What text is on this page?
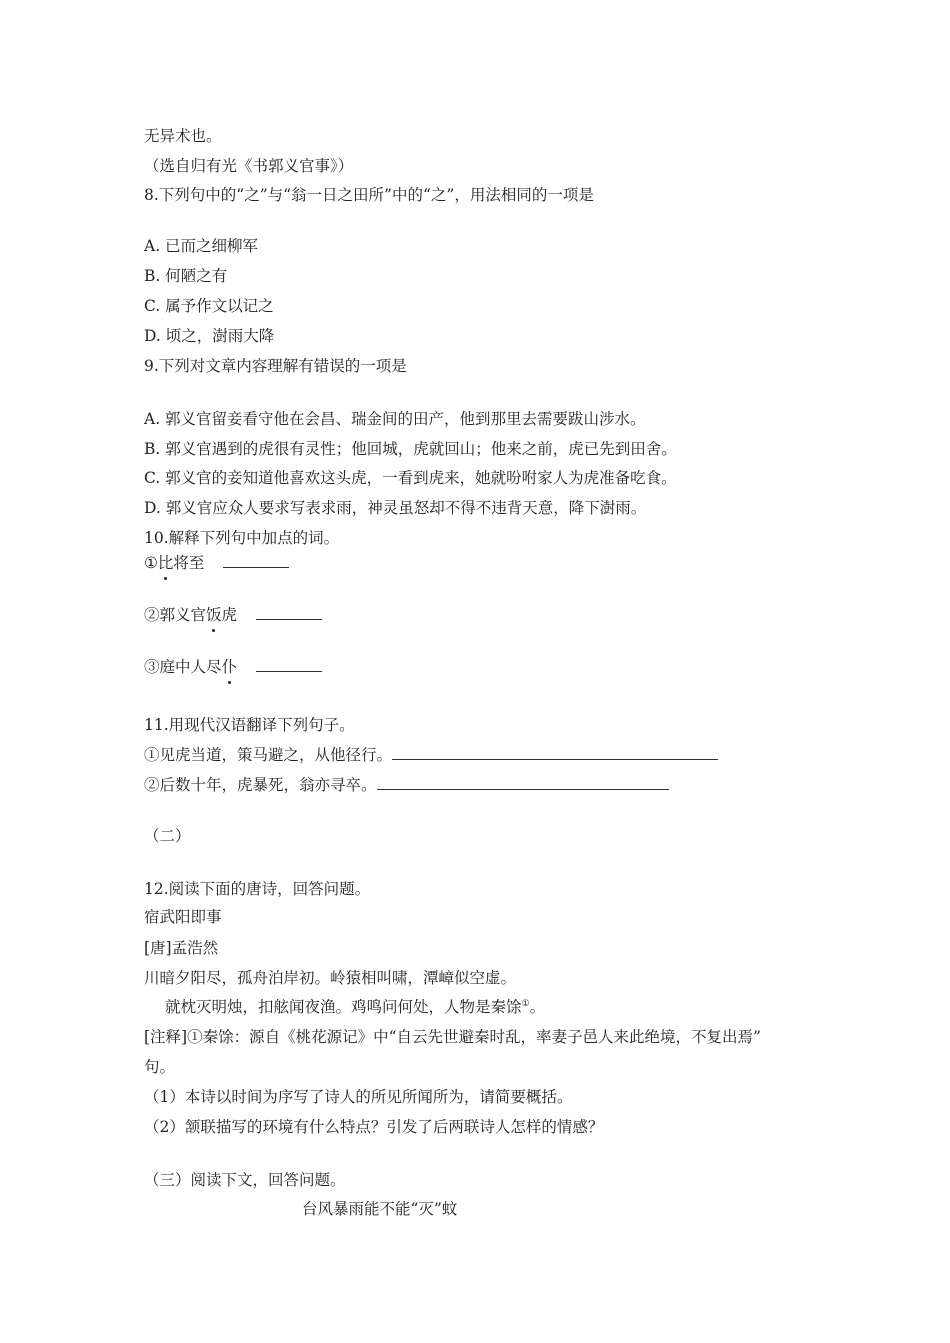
无异术也。
（选自归有光《书郭义官事》）
8.下列句中的“之”与“翁一日之田所”中的“之”，用法相同的一项是
A. 已而之细柳军
B. 何陋之有
C. 属予作文以记之
D. 顷之，澍雨大降
9.下列对文章内容理解有错误的一项是
A. 郭义官留妾看守他在会昌、瑞金间的田产，他到那里去需要跋山涉水。
B. 郭义官遇到的虎很有灵性；他回城，虎就回山；他来之前，虎已先到田舍。
C. 郭义官的妾知道他喜欢这头虎，一看到虎来，她就吩咐家人为虎准备吃食。
D. 郭义官应众人要求写表求雨，神灵虽怒却不得不违背天意，降下澍雨。
10.解释下列句中加点的词。
①比将至
②郭义官饭虎
③庭中人尽仆
11.用现代汉语翻译下列句子。
①见虎当道，策马避之，从他径行。
②后数十年，虎暴死，翁亦寻卒。
（二）
12.阅读下面的唐诗，回答问题。
宿武阳即事
[唐]孟浩然
川暗夕阳尽，孤舟泊岸初。岭猿相叫啸，潭嶂似空虚。
就枕灭明烛，扣舷闻夜渔。鸡鸣问何处，人物是秦馀①。
[注释]①秦馀：源自《桃花源记》中“自云先世避秦时乱，率妻子邑人来此绝境，不复出焉”
句。
（1）本诗以时间为序写了诗人的所见所闻所为，请简要概括。
（2）颔联描写的环境有什么特点？引发了后两联诗人怎样的情感？
（三）阅读下文，回答问题。
台风暴雨能不能“灭”蚊
